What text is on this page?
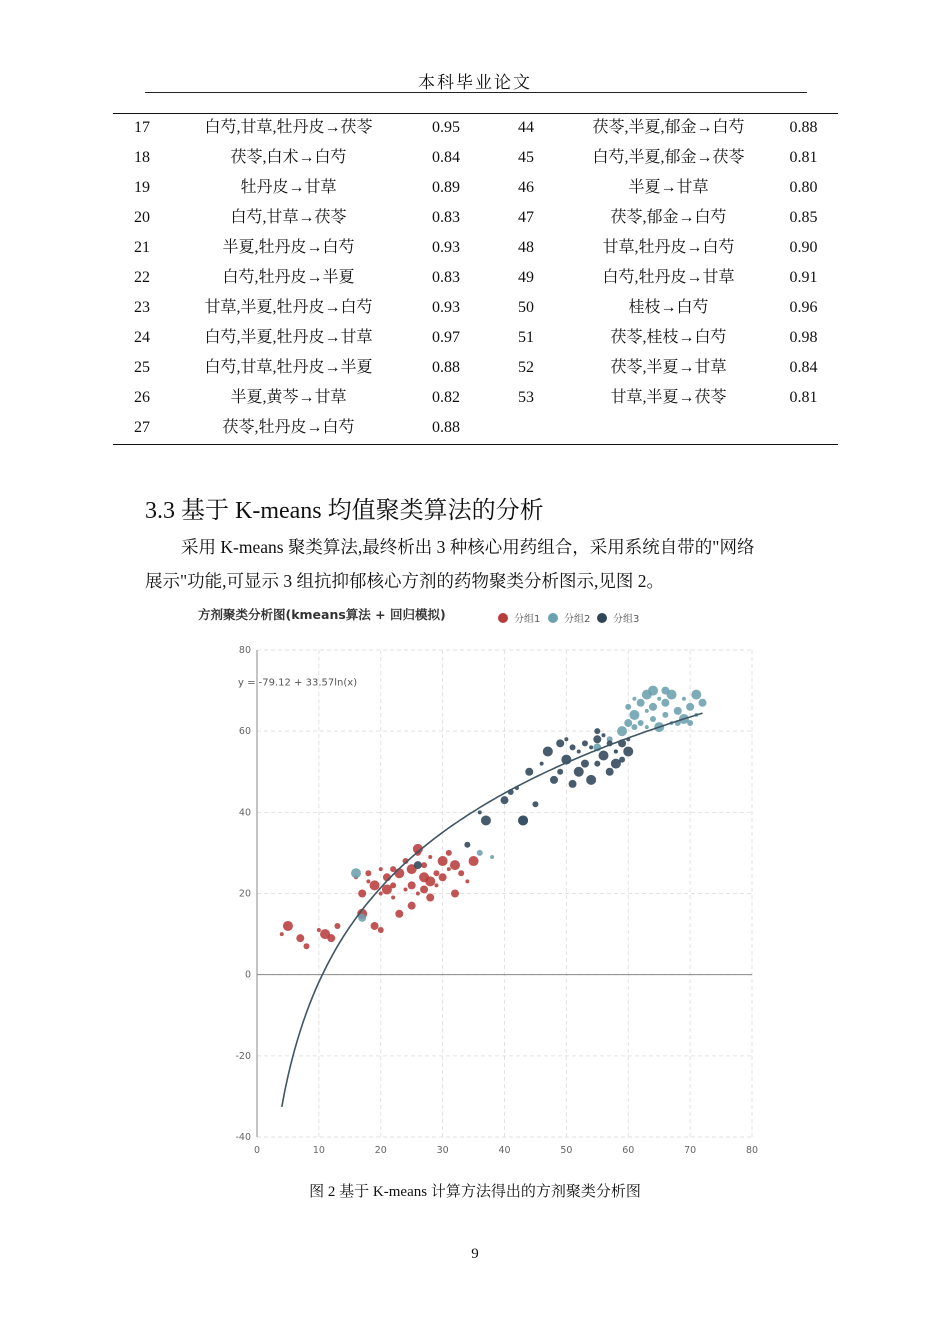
本科毕业论文
17	白芍,甘草,牡丹皮→茯苓	0.95	44	茯苓,半夏,郁金→白芍	0.88
18	茯苓,白术→白芍	0.84	45	白芍,半夏,郁金→茯苓	0.81
19	牡丹皮→甘草	0.89	46	半夏→甘草	0.80
20	白芍,甘草→茯苓	0.83	47	茯苓,郁金→白芍	0.85
21	半夏,牡丹皮→白芍	0.93	48	甘草,牡丹皮→白芍	0.90
22	白芍,牡丹皮→半夏	0.83	49	白芍,牡丹皮→甘草	0.91
23	甘草,半夏,牡丹皮→白芍	0.93	50	桂枝→白芍	0.96
24	白芍,半夏,牡丹皮→甘草	0.97	51	茯苓,桂枝→白芍	0.98
25	白芍,甘草,牡丹皮→半夏	0.88	52	茯苓,半夏→甘草	0.84
26	半夏,黄芩→甘草	0.82	53	甘草,半夏→茯苓	0.81
27	茯苓,牡丹皮→白芍	0.88
3.3 基于 K-means 均值聚类算法的分析
采用 K-means 聚类算法,最终析出 3 种核心用药组合，采用系统自带的"网络
展示"功能,可显示 3 组抗抑郁核心方剂的药物聚类分析图示,见图 2。
方剂聚类分析图(kmeans算法 + 回归模拟)	分组1	分组2	分组3
0	10	20	30	40	50	60	70	80
80
60
40
20
0
-20
-40
y = -79.12 + 33.57ln(x)
图 2 基于 K-means 计算方法得出的方剂聚类分析图
9
